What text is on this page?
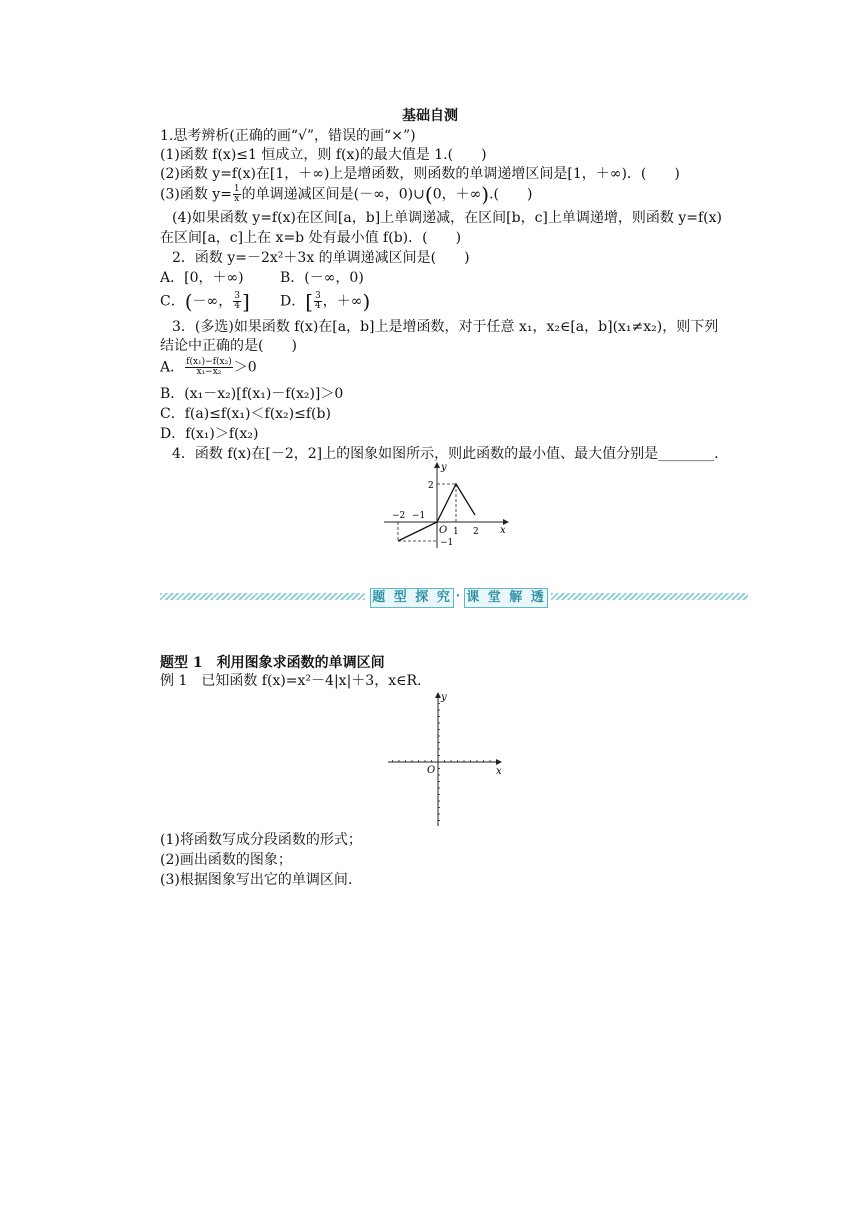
基础自测
1.思考辨析(正确的画“√”，错误的画“×”)
(1)函数 f(x)≤1 恒成立，则 f(x)的最大值是 1.(　　)
(2)函数 y=f(x)在[1，＋∞)上是增函数，则函数的单调递增区间是[1，＋∞)．(　　)
(3)函数 $y= \frac{1}{x}$ 的单调递减区间是(－∞，0)∪(0，＋∞).(　　)
(4)如果函数 y=f(x)在区间[a，b]上单调递减，在区间[b，c]上单调递增，则函数 y=f(x)
在区间[a，c]上在 x=b 处有最小值 f(b)．(　　)
2．函数 y=－2x²＋3x 的单调递减区间是(　　)
A．[0，＋∞)	B．(－∞，0)
C．(－∞， $\frac{3}{4}$ ] D．[ $\frac{3}{4}$ ，＋∞)
3．(多选)如果函数 f(x)在[a，b]上是增函数，对于任意 x₁，x₂∈[a，b](x₁≠x₂)，则下列
结论中正确的是(　　)
A． $\frac{\text{f(x₁)−f(x₂)}}{\text{x₁−x₂}} >0$
B．(x₁－x₂)[f(x₁)－f(x₂)]＞0
C．f(a)≤f(x₁)＜f(x₂)≤f(b)
D．f(x₁)＞f(x₂)
4．函数 f(x)在[－2，2]上的图象如图所示，则此函数的最小值、最大值分别是________.
y
x
O
−2 −1
1 2
2
−1
题 型 探 究 · 课 堂 解 透
题型 1　利用图象求函数的单调区间
例 1　已知函数 f(x)=x²－4|x|＋3，x∈R.
y
x
O
(1)将函数写成分段函数的形式；
(2)画出函数的图象；
(3)根据图象写出它的单调区间.
